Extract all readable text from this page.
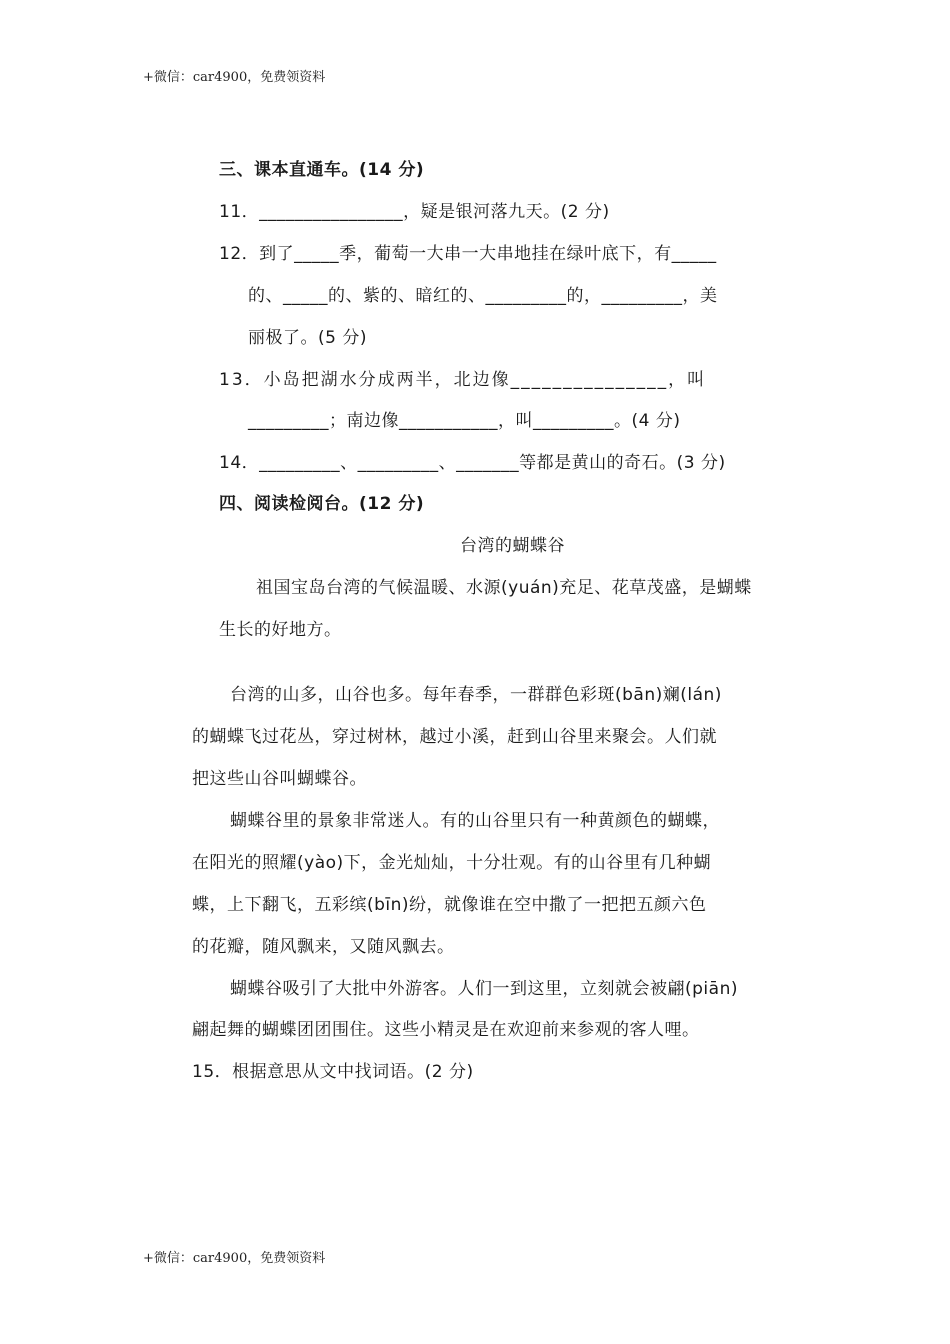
+微信：car4900，免费领资料
三、课本直通车。(14 分)
11．________________，疑是银河落九天。(2 分)
12．到了_____季，葡萄一大串一大串地挂在绿叶底下，有_____
的、_____的、紫的、暗红的、_________的，_________，美
丽极了。(5 分)
13．小岛把湖水分成两半，北边像_______________，叫
_________；南边像___________，叫_________。(4 分)
14．_________、_________、_______等都是黄山的奇石。(3 分)
四、阅读检阅台。(12 分)
台湾的蝴蝶谷
祖国宝岛台湾的气候温暖、水源(yuán)充足、花草茂盛，是蝴蝶
生长的好地方。
台湾的山多，山谷也多。每年春季，一群群色彩斑(bān)斓(lán)
的蝴蝶飞过花丛，穿过树林，越过小溪，赶到山谷里来聚会。人们就
把这些山谷叫蝴蝶谷。
蝴蝶谷里的景象非常迷人。有的山谷里只有一种黄颜色的蝴蝶，
在阳光的照耀(yào)下，金光灿灿，十分壮观。有的山谷里有几种蝴
蝶，上下翻飞，五彩缤(bīn)纷，就像谁在空中撒了一把把五颜六色
的花瓣，随风飘来，又随风飘去。
蝴蝶谷吸引了大批中外游客。人们一到这里，立刻就会被翩(piān)
翩起舞的蝴蝶团团围住。这些小精灵是在欢迎前来参观的客人哩。
15．根据意思从文中找词语。(2 分)
+微信：car4900，免费领资料
